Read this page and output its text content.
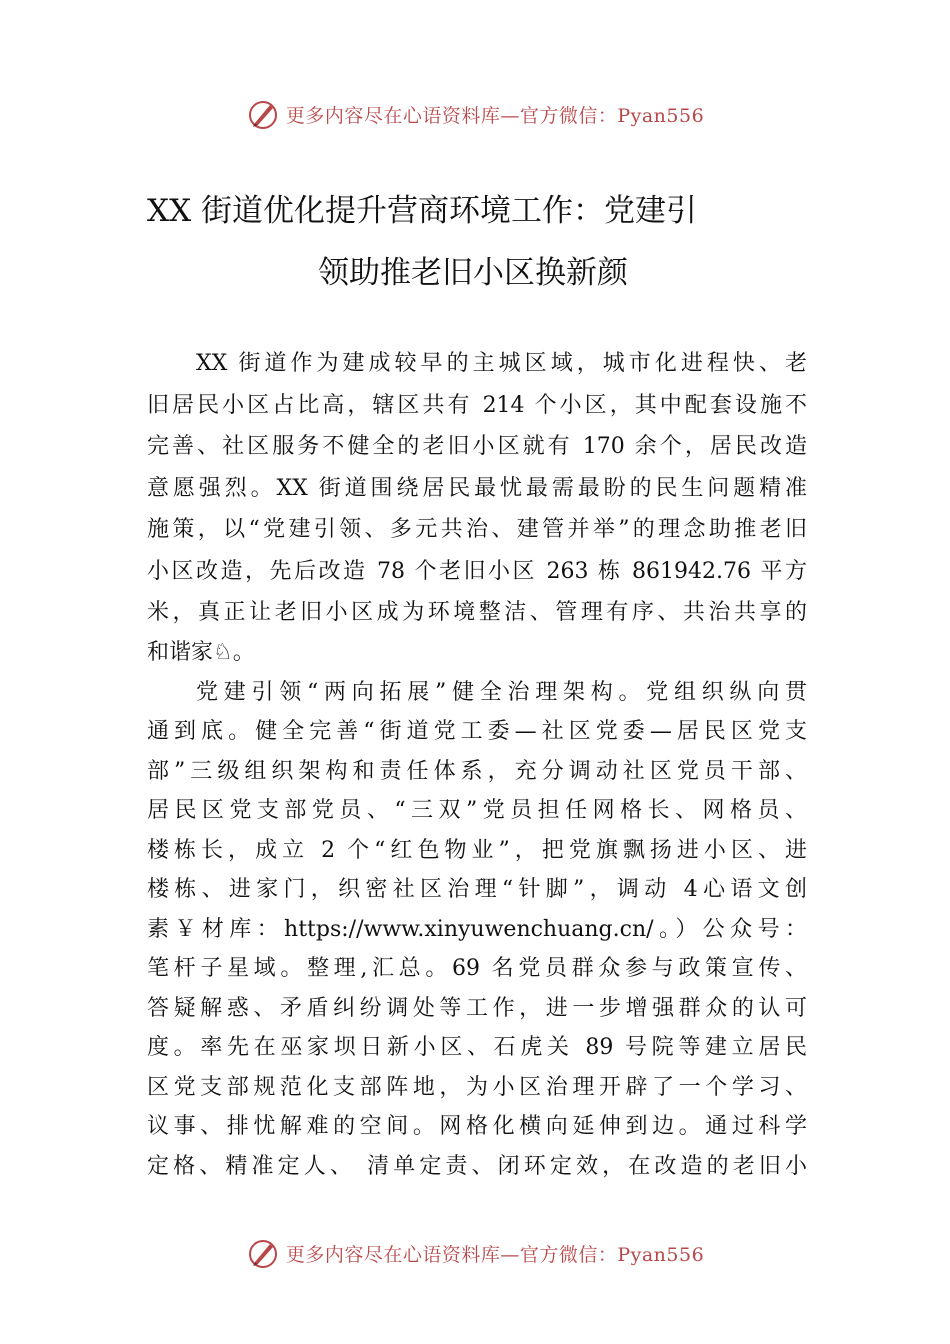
更多内容尽在心语资料库—官方微信：Pyan556
XX 街道优化提升营商环境工作：党建引
领助推老旧小区换新颜
XX 街道作为建成较早的主城区域，城市化进程快、老
旧居民小区占比高，辖区共有 214 个小区，其中配套设施不
完善、社区服务不健全的老旧小区就有 170 余个，居民改造
意愿强烈。XX 街道围绕居民最忧最需最盼的民生问题精准
施策，以“党建引领、多元共治、建管并举”的理念助推老旧
小区改造，先后改造 78 个老旧小区 263 栋 861942.76 平方
米，真正让老旧小区成为环境整洁、管理有序、共治共享的
和谐家♘。
党建引领“两向拓展”健全治理架构。党组织纵向贯
通到底。健全完善“街道党工委—社区党委—居民区党支
部”三级组织架构和责任体系，充分调动社区党员干部、
居民区党支部党员、“三双”党员担任网格长、网格员、
楼栋长，成立 2 个“红色物业”，把党旗飘扬进小区、进
楼栋、进家门，织密社区治理“针脚”，调动 4心语文创
素￥材库：https://www.xinyuwenchuang.cn/。）公众号：
笔杆子星域。整理,汇总。69 名党员群众参与政策宣传、
答疑解惑、矛盾纠纷调处等工作，进一步增强群众的认可
度。率先在巫家坝日新小区、石虎关 89 号院等建立居民
区党支部规范化支部阵地，为小区治理开辟了一个学习、
议事、排忧解难的空间。网格化横向延伸到边。通过科学
定格、精准定人、 清单定责、闭环定效，在改造的老旧小
更多内容尽在心语资料库—官方微信：Pyan556
